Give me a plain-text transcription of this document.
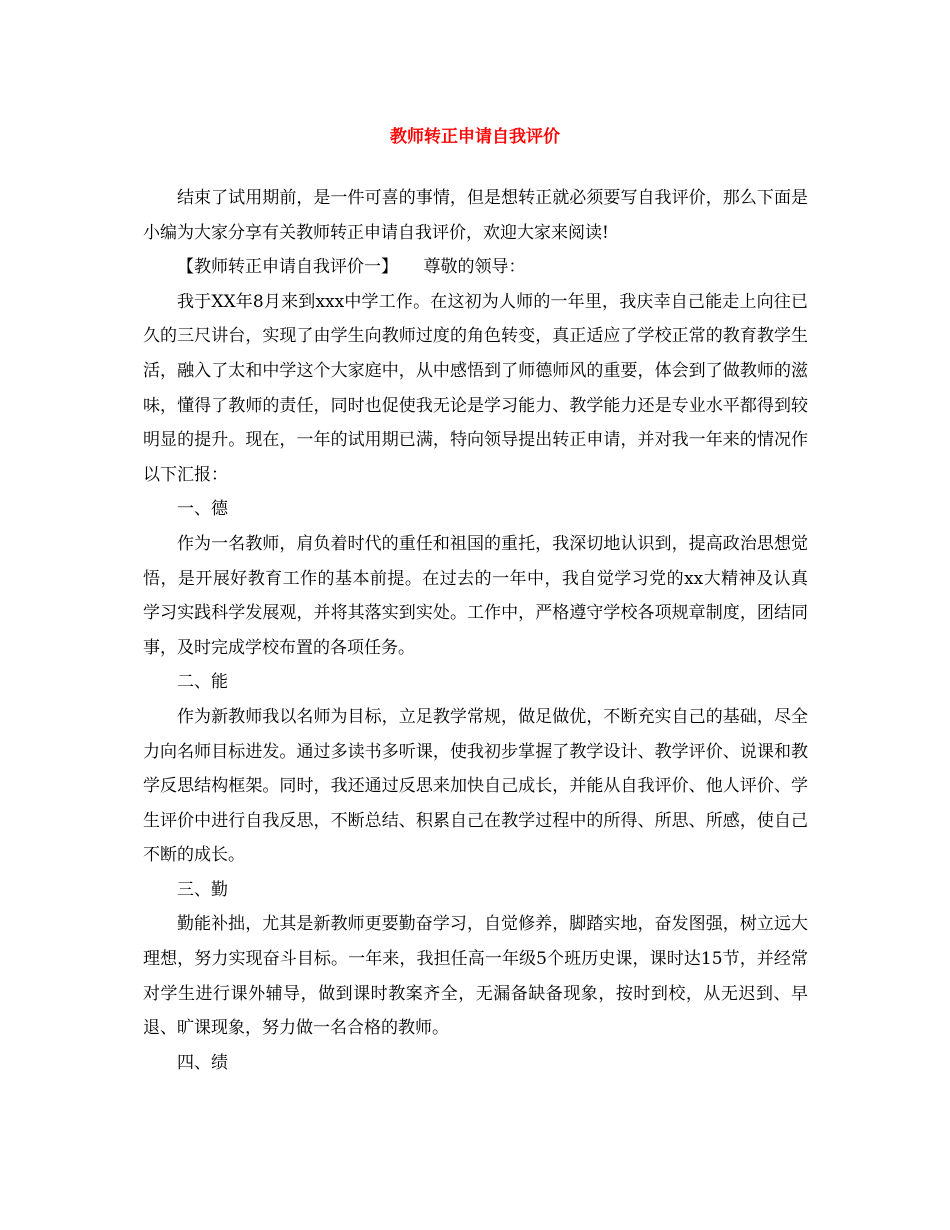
教师转正申请自我评价

结束了试用期前，是一件可喜的事情，但是想转正就必须要写自我评价，那么下面是小编为大家分享有关教师转正申请自我评价，欢迎大家来阅读!

【教师转正申请自我评价一】　　尊敬的领导：

我于XX年8月来到xxx中学工作。在这初为人师的一年里，我庆幸自己能走上向往已久的三尺讲台，实现了由学生向教师过度的角色转变，真正适应了学校正常的教育教学生活，融入了太和中学这个大家庭中，从中感悟到了师德师风的重要，体会到了做教师的滋味，懂得了教师的责任，同时也促使我无论是学习能力、教学能力还是专业水平都得到较明显的提升。现在，一年的试用期已满，特向领导提出转正申请，并对我一年来的情况作以下汇报：

一、德

作为一名教师，肩负着时代的重任和祖国的重托，我深切地认识到，提高政治思想觉悟，是开展好教育工作的基本前提。在过去的一年中，我自觉学习党的xx大精神及认真学习实践科学发展观，并将其落实到实处。工作中，严格遵守学校各项规章制度，团结同事，及时完成学校布置的各项任务。

二、能

作为新教师我以名师为目标，立足教学常规，做足做优，不断充实自己的基础，尽全力向名师目标进发。通过多读书多听课，使我初步掌握了教学设计、教学评价、说课和教学反思结构框架。同时，我还通过反思来加快自己成长，并能从自我评价、他人评价、学生评价中进行自我反思，不断总结、积累自己在教学过程中的所得、所思、所感，使自己不断的成长。

三、勤

勤能补拙，尤其是新教师更要勤奋学习，自觉修养，脚踏实地，奋发图强，树立远大理想，努力实现奋斗目标。一年来，我担任高一年级5个班历史课，课时达15节，并经常对学生进行课外辅导，做到课时教案齐全，无漏备缺备现象，按时到校，从无迟到、早退、旷课现象，努力做一名合格的教师。

四、绩
